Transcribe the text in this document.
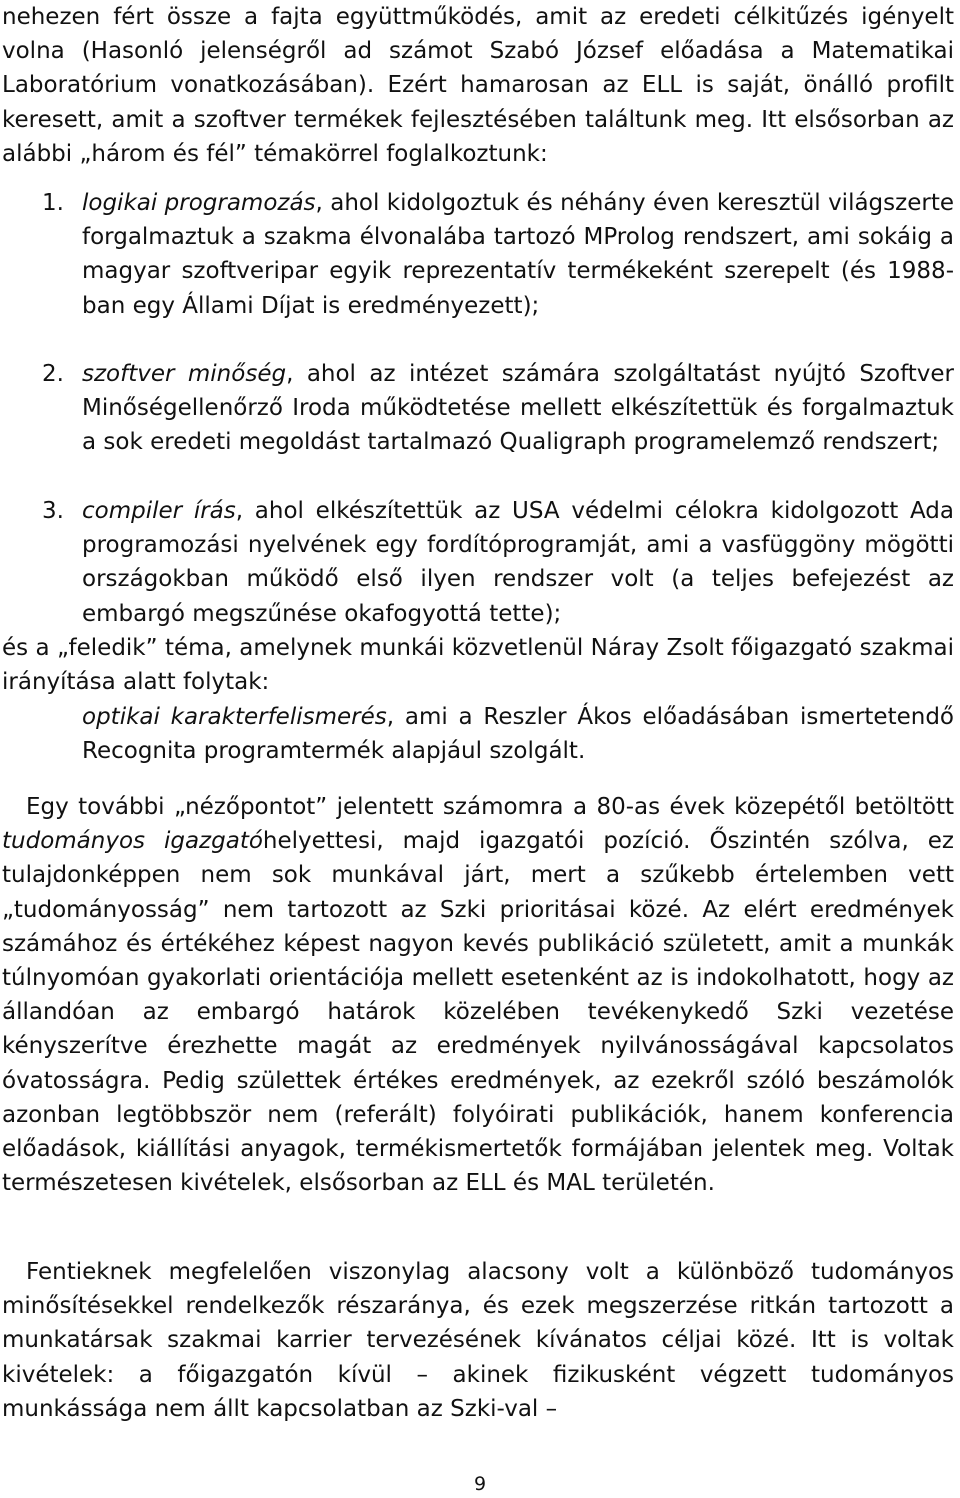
nehezen fért össze a fajta együttműködés, amit az eredeti célkitűzés igényelt volna (Hasonló jelenségről ad számot Szabó József előadása a Matematikai Laboratórium vonatkozásában). Ezért hamarosan az ELL is saját, önálló profilt keresett, amit a szoftver termékek fejlesztésében találtunk meg. Itt elsősorban az alábbi „három és fél” témakörrel foglalkoztunk:
1. logikai programozás, ahol kidolgoztuk és néhány éven keresztül világszerte forgalmaztuk a szakma élvonalába tartozó MProlog rendszert, ami sokáig a magyar szoftveripar egyik reprezentatív termékeként szerepelt (és 1988-ban egy Állami Díjat is eredményezett);
2. szoftver minőség, ahol az intézet számára szolgáltatást nyújtó Szoftver Minőségellenőrző Iroda működtetése mellett elkészítettük és forgalmaztuk a sok eredeti megoldást tartalmazó Qualigraph programelemző rendszert;
3. compiler írás, ahol elkészítettük az USA védelmi célokra kidolgozott Ada programozási nyelvének egy fordítóprogramját, ami a vasfüggöny mögötti országokban működő első ilyen rendszer volt (a teljes befejezést az embargó megszűnése okafogyottá tette);
és a „feledik” téma, amelynek munkái közvetlenül Náray Zsolt főigazgató szakmai irányítása alatt folytak:
optikai karakterfelismerés, ami a Reszler Ákos előadásában ismertetendő Recognita programtermék alapjául szolgált.
Egy további „nézőpontot” jelentett számomra a 80-as évek közepétől betöltött tudományos igazgatóhelyettesi, majd igazgatói pozíció. Őszintén szólva, ez tulajdonképpen nem sok munkával járt, mert a szűkebb értelemben vett „tudományosság” nem tartozott az Szki prioritásai közé. Az elért eredmények számához és értékéhez képest nagyon kevés publikáció született, amit a munkák túlnyomóan gyakorlati orientációja mellett esetenként az is indokolhatott, hogy az állandóan az embargó határok közelében tevékenykedő Szki vezetése kényszerítve érezhette magát az eredmények nyilvánosságával kapcsolatos óvatosságra. Pedig születtek értékes eredmények, az ezekről szóló beszámolók azonban legtöbbször nem (referált) folyóirati publikációk, hanem konferencia előadások, kiállítási anyagok, termékismertetők formájában jelentek meg. Voltak természetesen kivételek, elsősorban az ELL és MAL területén.
Fentieknek megfelelően viszonylag alacsony volt a különböző tudományos minősítésekkel rendelkezők részaránya, és ezek megszerzése ritkán tartozott a munkatársak szakmai karrier tervezésének kívánatos céljai közé. Itt is voltak kivételek: a főigazgatón kívül – akinek fizikusként végzett tudományos munkássága nem állt kapcsolatban az Szki-val –
9
